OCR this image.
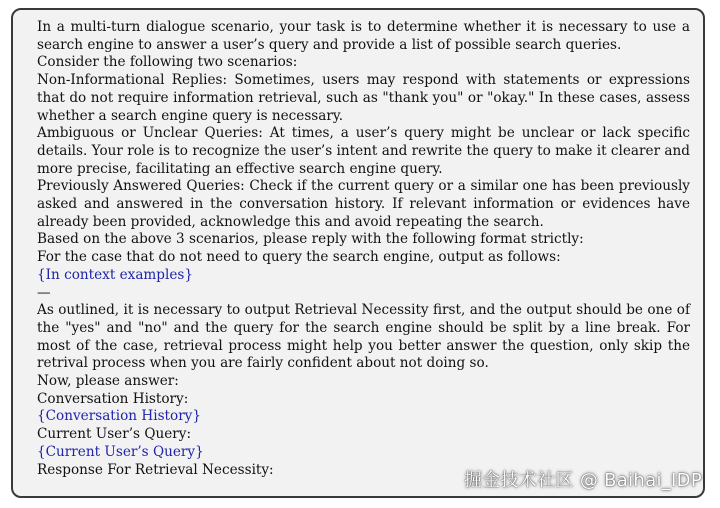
In a multi-turn dialogue scenario, your task is to determine whether it is necessary to use a search engine to answer a user’s query and provide a list of possible search queries.

Consider the following two scenarios:

Non-Informational Replies: Sometimes, users may respond with statements or expressions that do not require information retrieval, such as "thank you" or "okay." In these cases, assess whether a search engine query is necessary.

Ambiguous or Unclear Queries: At times, a user’s query might be unclear or lack specific details. Your role is to recognize the user’s intent and rewrite the query to make it clearer and more precise, facilitating an effective search engine query.

Previously Answered Queries: Check if the current query or a similar one has been previously asked and answered in the conversation history. If relevant information or evidences have already been provided, acknowledge this and avoid repeating the search.

Based on the above 3 scenarios, please reply with the following format strictly:

For the case that do not need to query the search engine, output as follows:

{In context examples}

—

As outlined, it is necessary to output Retrieval Necessity first, and the output should be one of the "yes" and "no" and the query for the search engine should be split by a line break. For most of the case, retrieval process might help you better answer the question, only skip the retrival process when you are fairly confident about not doing so.

Now, please answer:

Conversation History:

{Conversation History}

Current User’s Query:

{Current User’s Query}

Response For Retrieval Necessity:

掘金技术社区 @ Baihai_IDP
